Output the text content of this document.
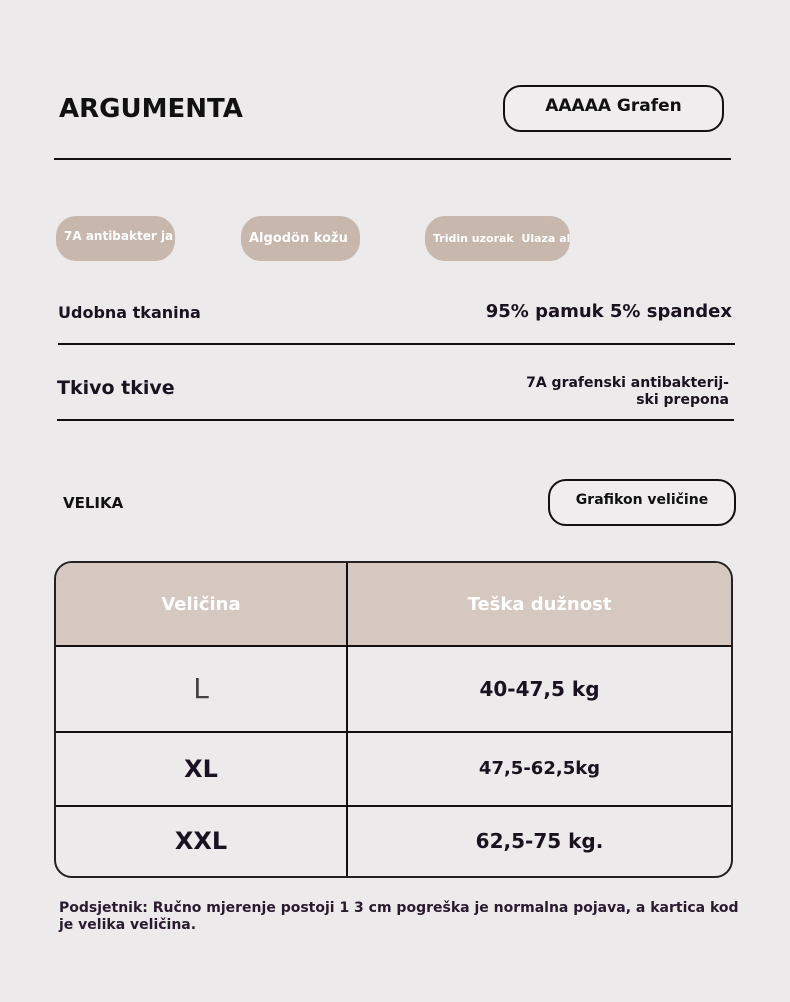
ARGUMENTA	AAAAA Grafen
7A antibakter ja	Algodön kožu	Tridin uzorak  Ulaza al
Udobna tkanina	95% pamuk 5% spandex
Tkivo tkive	7A grafenski antibakterij-
ski prepona
VELIKA	Grafikon veličine
Veličina	Teška dužnost
L	40-47,5 kg
XL	47,5-62,5kg
XXL	62,5-75 kg.
Podsjetnik: Ručno mjerenje postoji 1 3 cm pogreška je normalna pojava, a kartica kod je velika veličina.
